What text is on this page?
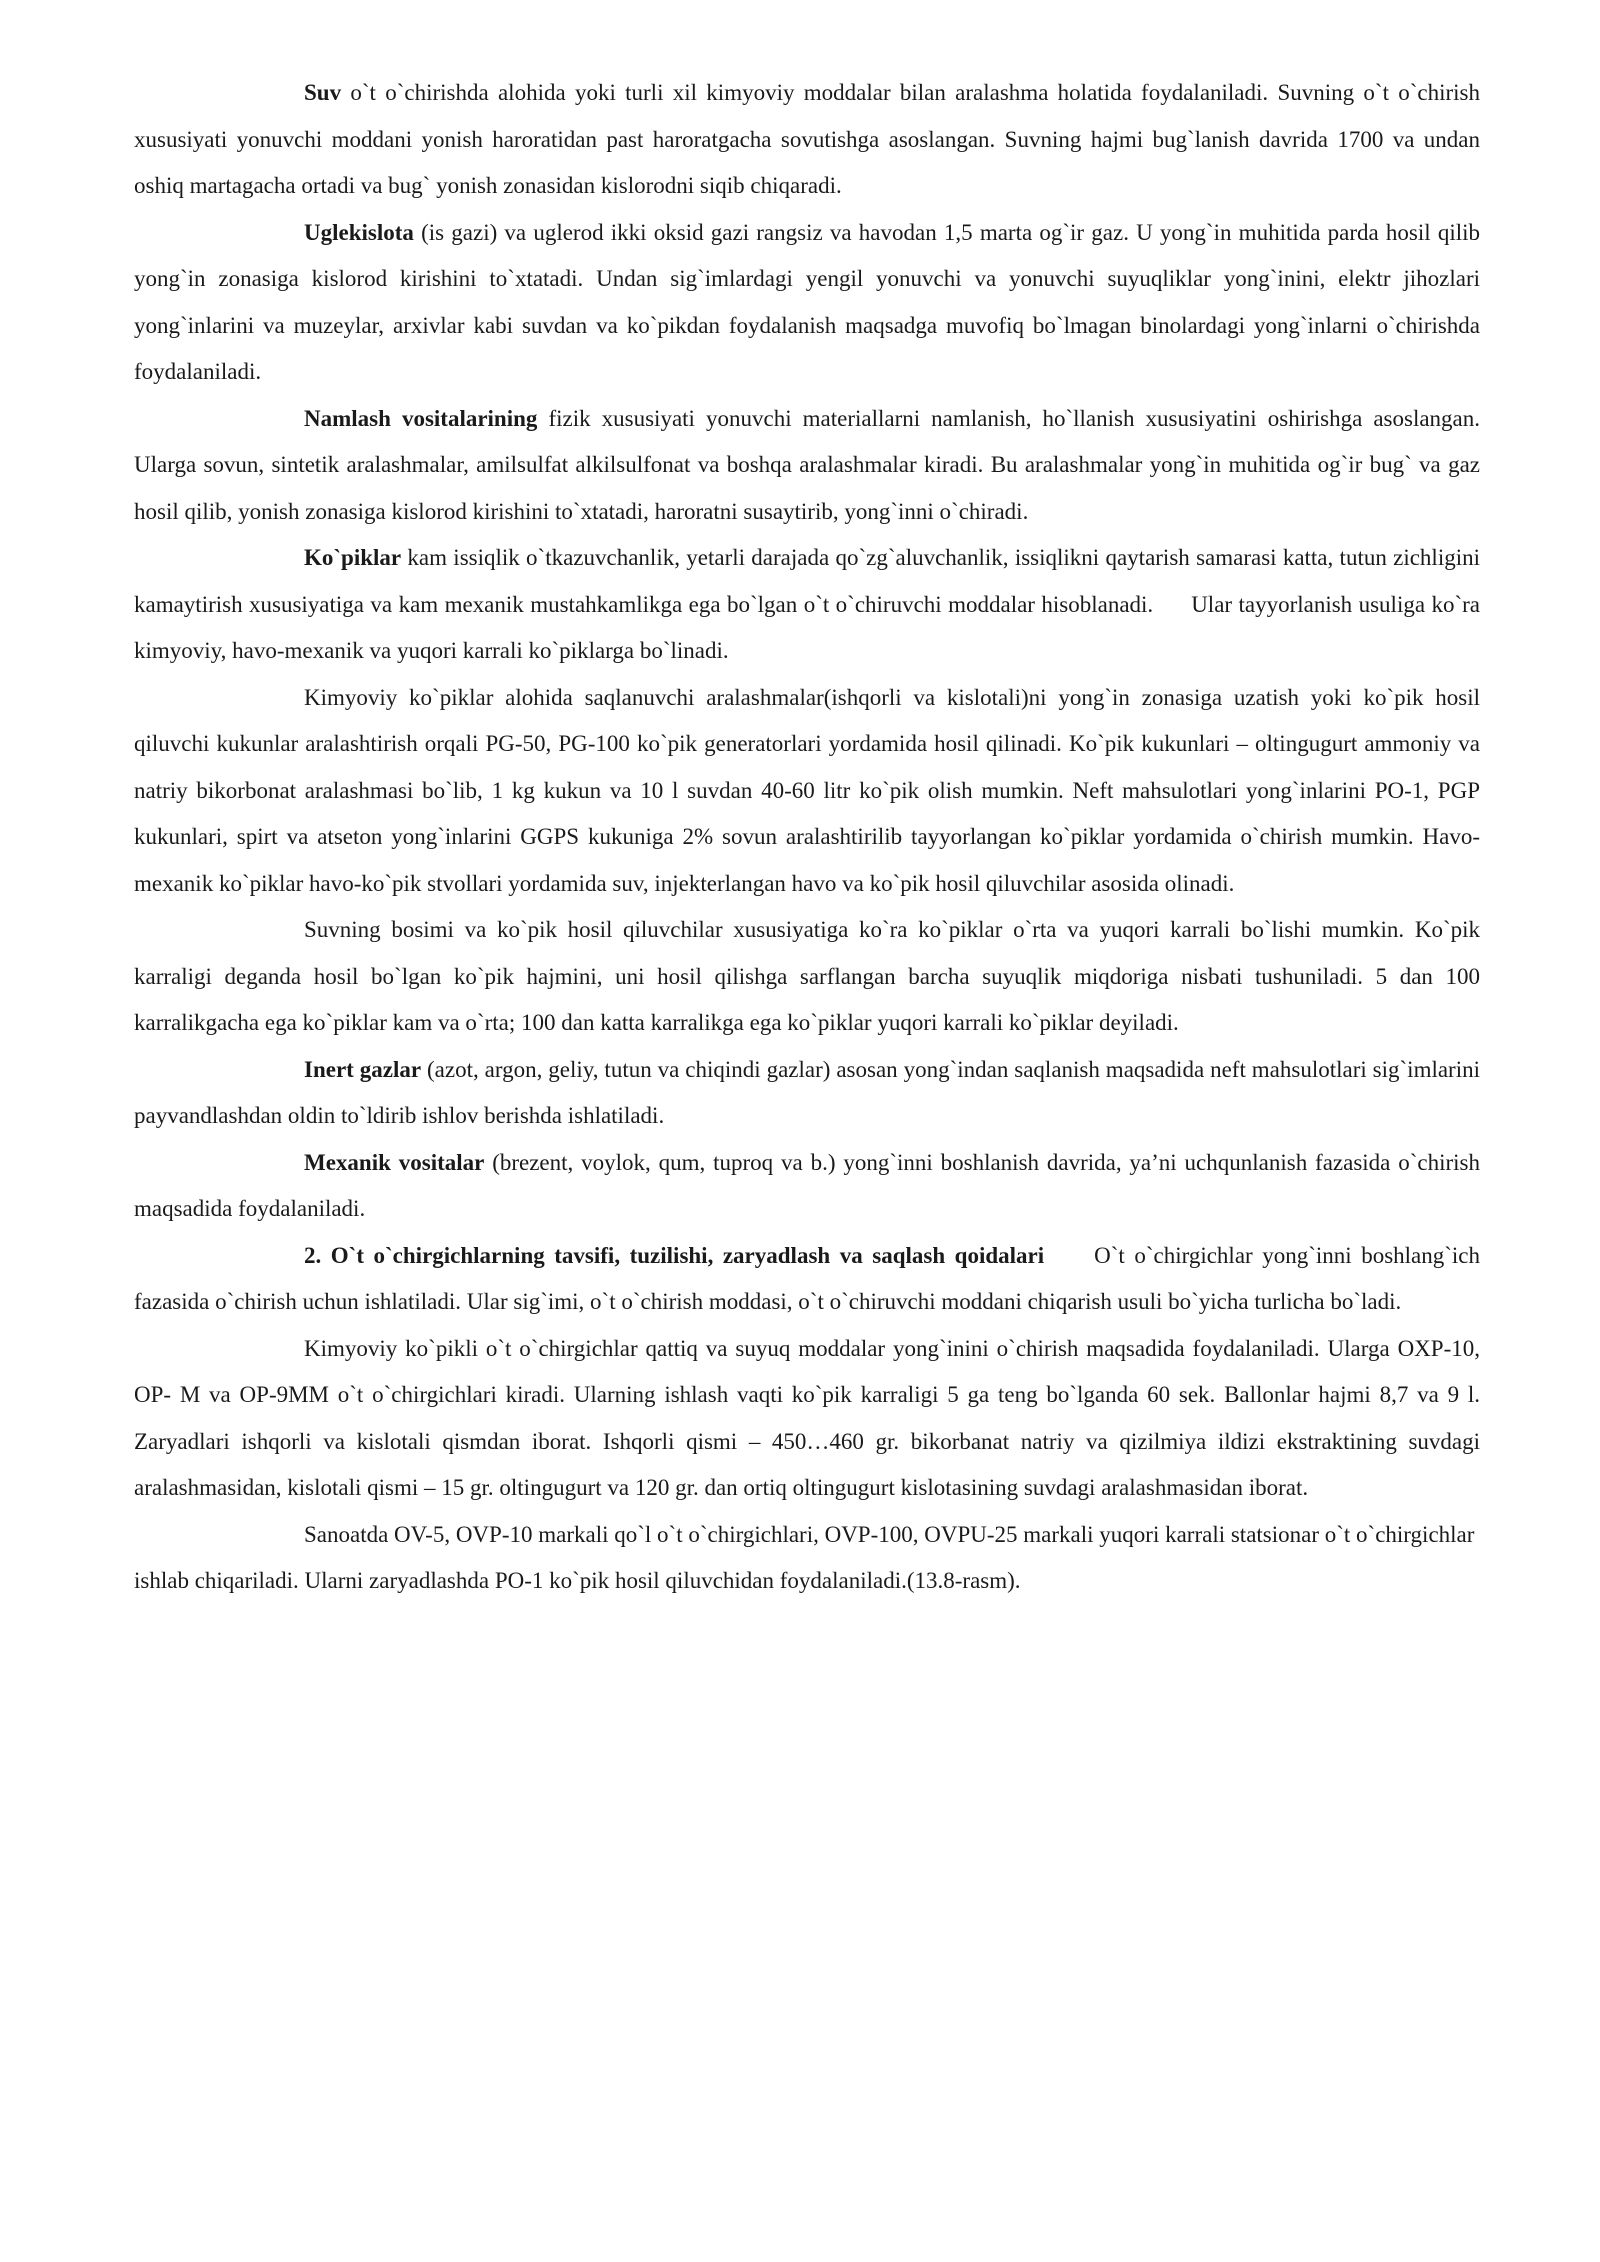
Suv o`t o`chirishda alohida yoki turli xil kimyoviy moddalar bilan aralashma holatida foydalaniladi. Suvning o`t o`chirish xususiyati yonuvchi moddani yonish haroratidan past haroratgacha sovutishga asoslangan. Suvning hajmi bug`lanish davrida 1700 va undan oshiq martagacha ortadi va bug` yonish zonasidan kislorodni siqib chiqaradi.

Uglekislota (is gazi) va uglerod ikki oksid gazi rangsiz va havodan 1,5 marta og`ir gaz. U yong`in muhitida parda hosil qilib yong`in zonasiga kislorod kirishini to`xtatadi. Undan sig`imlardagi yengil yonuvchi va yonuvchi suyuqliklar yong`inini, elektr jihozlari yong`inlarini va muzeylar, arxivlar kabi suvdan va ko`pikdan foydalanish maqsadga muvofiq bo`lmagan binolardagi yong`inlarni o`chirishda foydalaniladi.

Namlash vositalarining fizik xususiyati yonuvchi materiallarni namlanish, ho`llanish xususiyatini oshirishga asoslangan. Ularga sovun, sintetik aralashmalar, amilsulfat alkilsulfonat va boshqa aralashmalar kiradi. Bu aralashmalar yong`in muhitida og`ir bug` va gaz hosil qilib, yonish zonasiga kislorod kirishini to`xtatadi, haroratni susaytirib, yong`inni o`chiradi.

Ko`piklar kam issiqlik o`tkazuvchanlik, yetarli darajada qo`zg`aluvchanlik, issiqlikni qaytarish samarasi katta, tutun zichligini kamaytirish xususiyatiga va kam mexanik mustahkamlikga ega bo`lgan o`t o`chiruvchi moddalar hisoblanadi. Ular tayyorlanish usuliga ko`ra kimyoviy, havo-mexanik va yuqori karrali ko`piklarga bo`linadi.

Kimyoviy ko`piklar alohida saqlanuvchi aralashmalar(ishqorli va kislotali)ni yong`in zonasiga uzatish yoki ko`pik hosil qiluvchi kukunlar aralashtirish orqali PG-50, PG-100 ko`pik generatorlari yordamida hosil qilinadi. Ko`pik kukunlari – oltingugurt ammoniy va natriy bikorbonat aralashmasi bo`lib, 1 kg kukun va 10 l suvdan 40-60 litr ko`pik olish mumkin. Neft mahsulotlari yong`inlarini PO-1, PGP kukunlari, spirt va atseton yong`inlarini GGPS kukuniga 2% sovun aralashtirilib tayyorlangan ko`piklar yordamida o`chirish mumkin. Havo-mexanik ko`piklar havo-ko`pik stvollari yordamida suv, injekterlangan havo va ko`pik hosil qiluvchilar asosida olinadi.

Suvning bosimi va ko`pik hosil qiluvchilar xususiyatiga ko`ra ko`piklar o`rta va yuqori karrali bo`lishi mumkin. Ko`pik karraligi deganda hosil bo`lgan ko`pik hajmini, uni hosil qilishga sarflangan barcha suyuqlik miqdoriga nisbati tushuniladi. 5 dan 100 karralikgacha ega ko`piklar kam va o`rta; 100 dan katta karralikga ega ko`piklar yuqori karrali ko`piklar deyiladi.

Inert gazlar (azot, argon, geliy, tutun va chiqindi gazlar) asosan yong`indan saqlanish maqsadida neft mahsulotlari sig`imlarini payvandlashdan oldin to`ldirib ishlov berishda ishlatiladi.

Mexanik vositalar (brezent, voylok, qum, tuproq va b.) yong`inni boshlanish davrida, ya’ni uchqunlanish fazasida o`chirish maqsadida foydalaniladi.

2. O`t o`chirgichlarning tavsifi, tuzilishi, zaryadlash va saqlash qoidalari O`t o`chirgichlar yong`inni boshlang`ich fazasida o`chirish uchun ishlatiladi. Ular sig`imi, o`t o`chirish moddasi, o`t o`chiruvchi moddani chiqarish usuli bo`yicha turlicha bo`ladi.

Kimyoviy ko`pikli o`t o`chirgichlar qattiq va suyuq moddalar yong`inini o`chirish maqsadida foydalaniladi. Ularga OXP-10, OP- M va OP-9MM o`t o`chirgichlari kiradi. Ularning ishlash vaqti ko`pik karraligi 5 ga teng bo`lganda 60 sek. Ballonlar hajmi 8,7 va 9 l. Zaryadlari ishqorli va kislotali qismdan iborat. Ishqorli qismi – 450…460 gr. bikorbanat natriy va qizilmiya ildizi ekstraktining suvdagi aralashmasidan, kislotali qismi – 15 gr. oltingugurt va 120 gr. dan ortiq oltingugurt kislotasining suvdagi aralashmasidan iborat.

Sanoatda OV-5, OVP-10 markali qo`l o`t o`chirgichlari, OVP-100, OVPU-25 markali yuqori karrali statsionar o`t o`chirgichlar ishlab chiqariladi. Ularni zaryadlashda PO-1 ko`pik hosil qiluvchidan foydalaniladi.(13.8-rasm).
